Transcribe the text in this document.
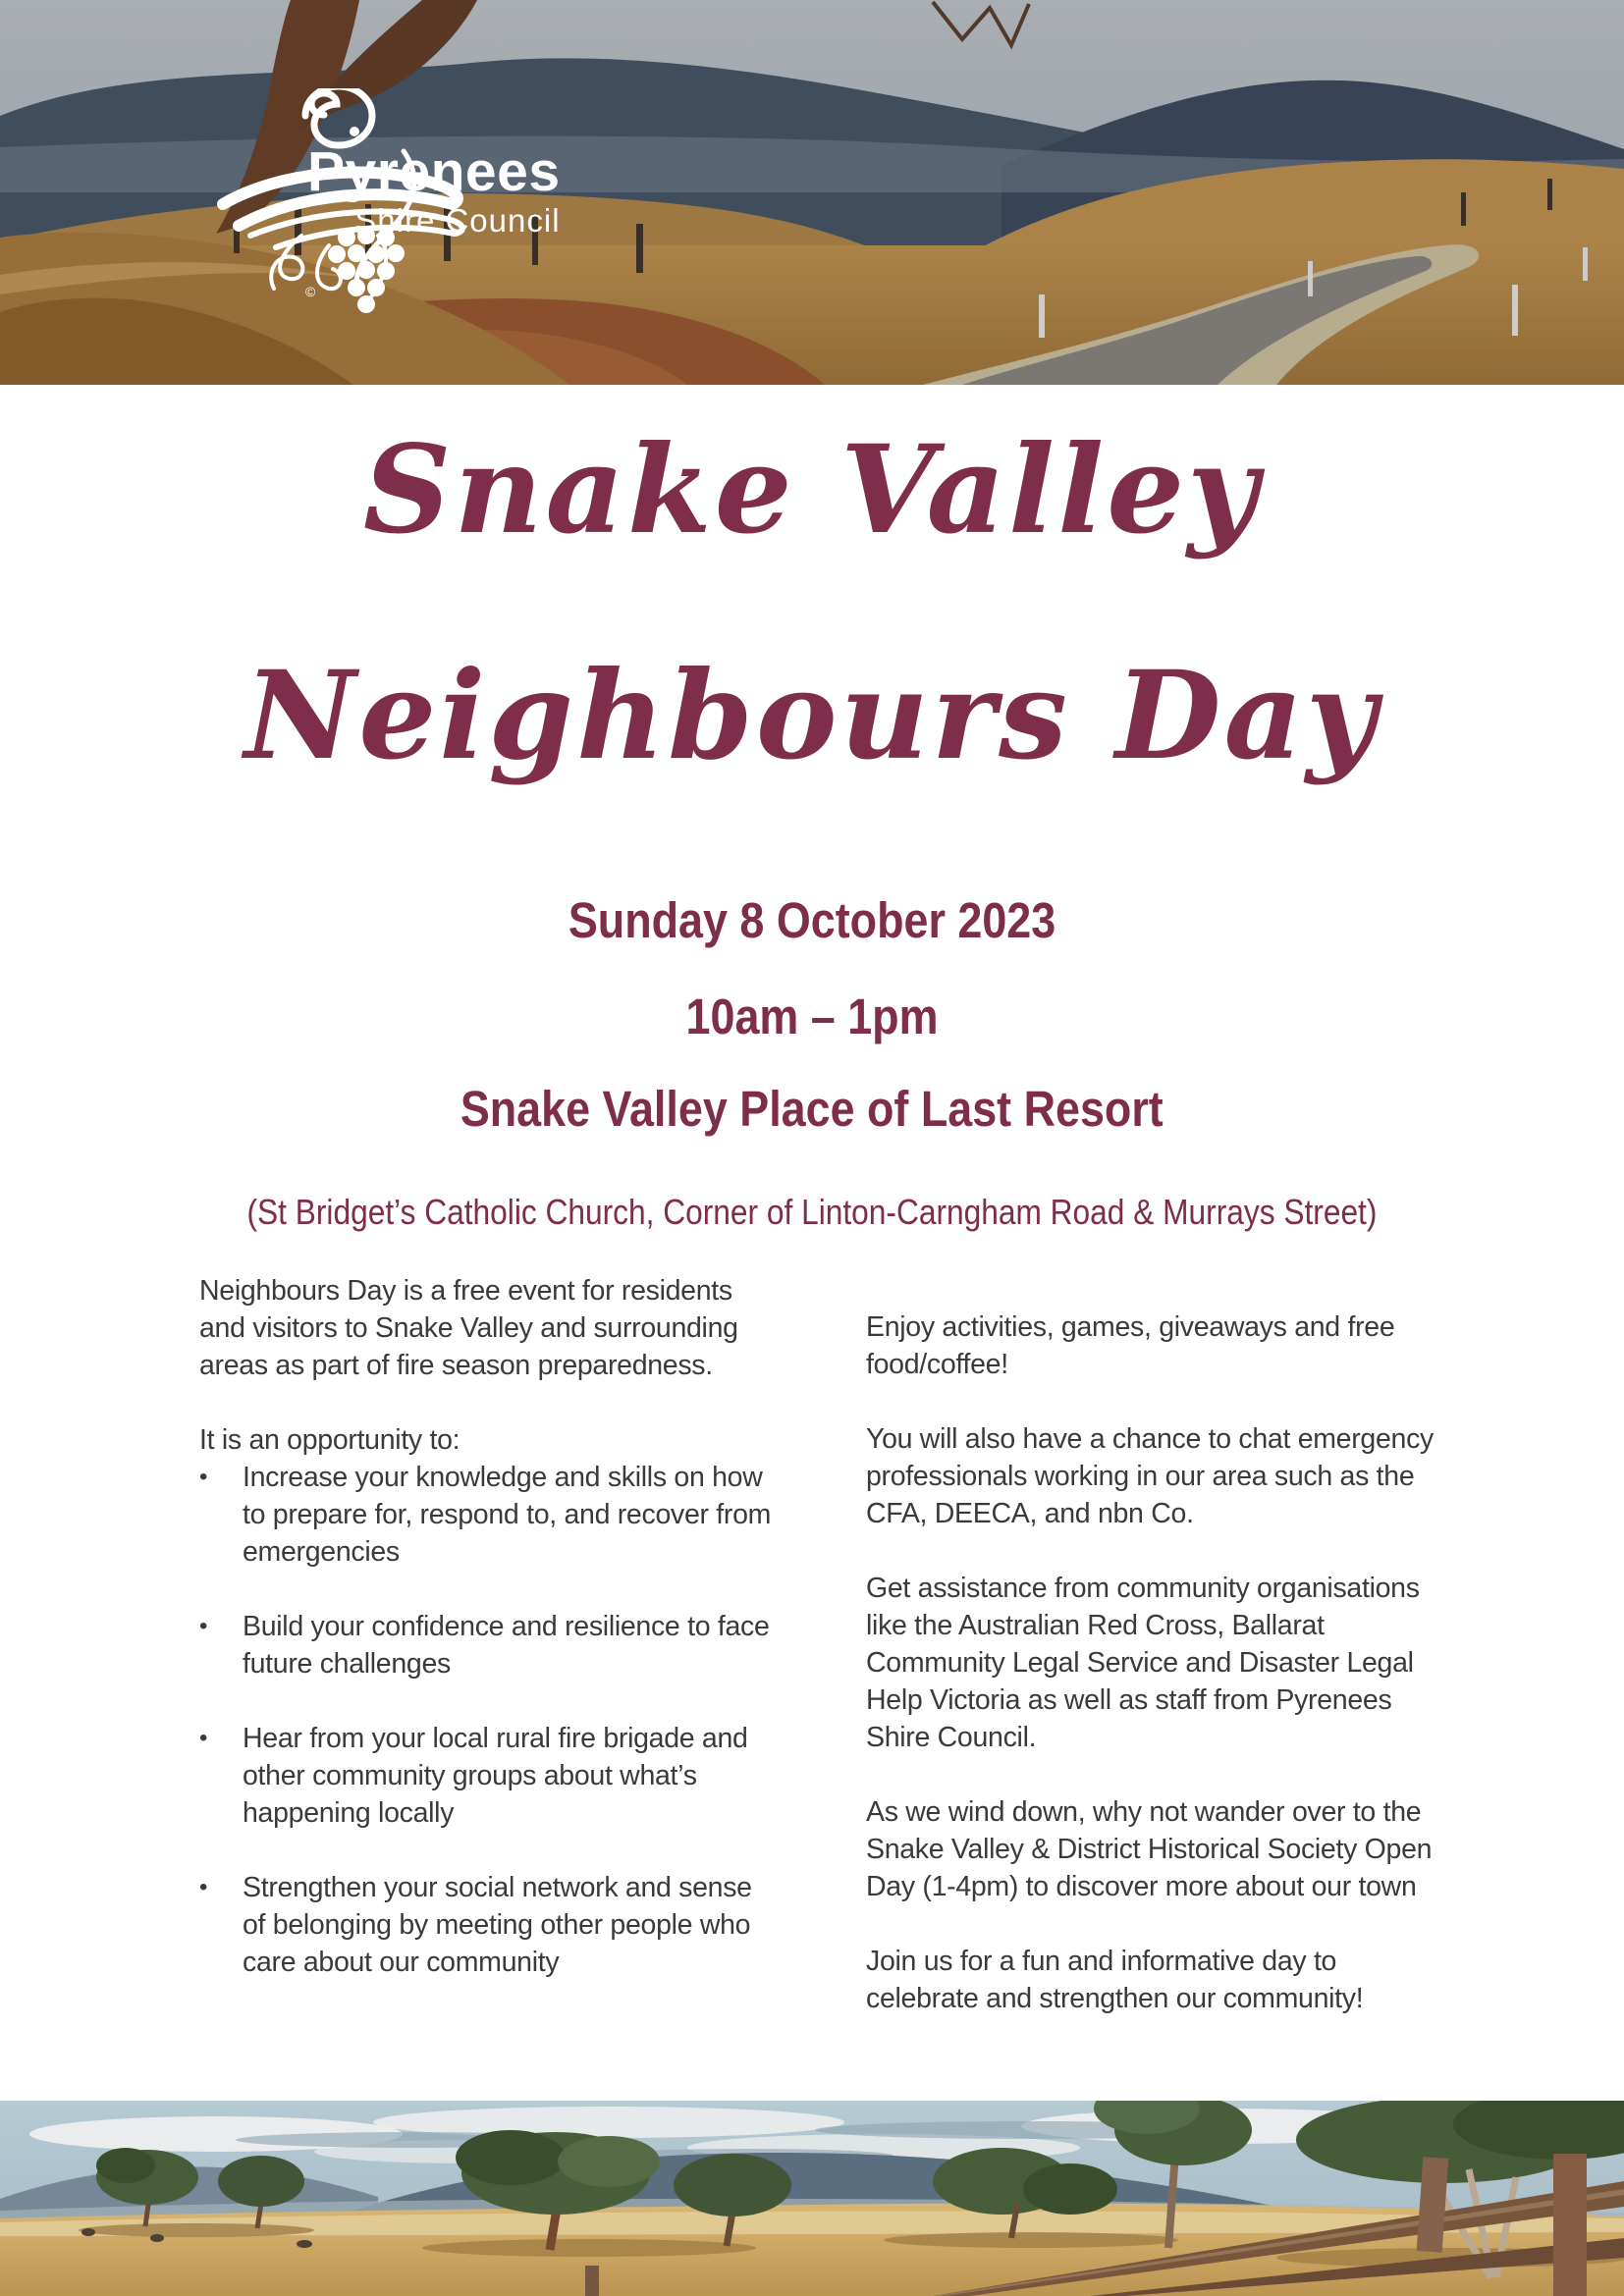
©
Pyrenees
Shire Council
Snake Valley
Neighbours Day
Sunday 8 October 2023
10am – 1pm
Snake Valley Place of Last Resort
(St Bridget’s Catholic Church, Corner of Linton-Carngham Road & Murrays Street)

Neighbours Day is a free event for residents and visitors to Snake Valley and surrounding areas as part of fire season preparedness.

It is an opportunity to:

•	Increase your knowledge and skills on how to prepare for, respond to, and recover from emergencies
•	Build your confidence and resilience to face future challenges
•	Hear from your local rural fire brigade and other community groups about what’s happening locally
•	Strengthen your social network and sense of belonging by meeting other people who care about our community

Enjoy activities, games, giveaways and free food/coffee!

You will also have a chance to chat emergency professionals working in our area such as the CFA, DEECA, and nbn Co.

Get assistance from community organisations like the Australian Red Cross, Ballarat Community Legal Service and Disaster Legal Help Victoria as well as staff from Pyrenees Shire Council.

As we wind down, why not wander over to the Snake Valley & District Historical Society Open Day (1-4pm) to discover more about our town

Join us for a fun and informative day to celebrate and strengthen our community!
